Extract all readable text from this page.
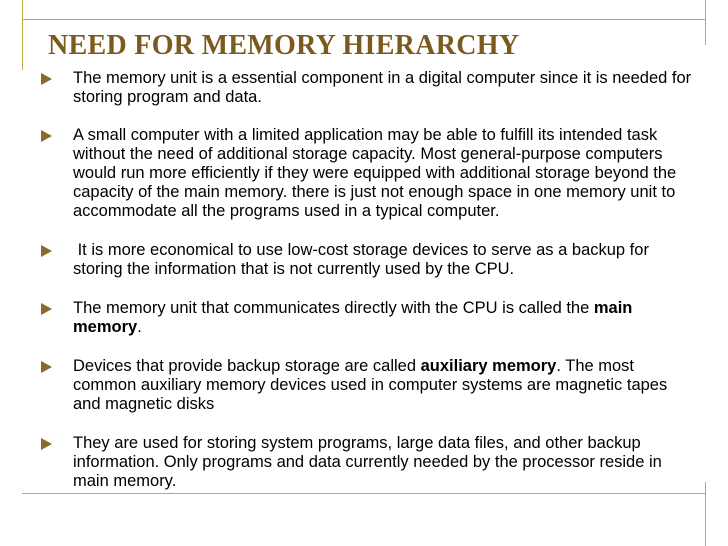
NEED FOR MEMORY HIERARCHY
The memory unit is a essential component in a digital computer since it is needed for storing program and data.
A small computer with a limited application may be able to fulfill its intended task without the need of additional storage capacity. Most general-purpose computers would run more efficiently if they were equipped with additional storage beyond the capacity of the main memory. there is just not enough space in one memory unit to accommodate all the programs used in a typical computer.
It is more economical to use low-cost storage devices to serve as a backup for storing the information that is not currently used by the CPU.
The memory unit that communicates directly with the CPU is called the main memory.
Devices that provide backup storage are called auxiliary memory. The most common auxiliary memory devices used in computer systems are magnetic tapes and magnetic disks
They are used for storing system programs, large data files, and other backup information. Only programs and data currently needed by the processor reside in main memory.
